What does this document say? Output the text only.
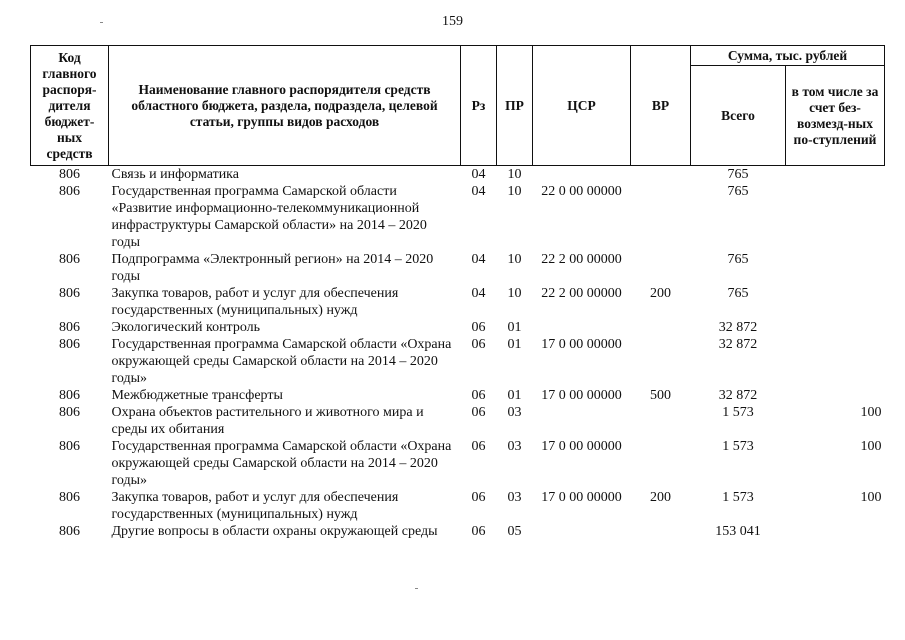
159
Код главного распоря-дителя бюджет-ных средств	Наименование главного распорядителя средств областного бюджета, раздела, подраздела, целевой статьи, группы видов расходов	Рз	ПР	ЦСР	ВР	Сумма, тыс. рублей	
						Всего	в том числе за счет без-возмезд-ных по-ступлений
806	Связь и информатика	04	10			765	
806	Государственная программа Самарской области «Развитие информационно-телекоммуникационной инфраструктуры Самарской области» на 2014 – 2020 годы	04	10	22 0 00 00000		765	
806	Подпрограмма «Электронный регион» на 2014 – 2020 годы	04	10	22 2 00 00000		765	
806	Закупка товаров, работ и услуг для обеспечения государственных (муниципальных) нужд	04	10	22 2 00 00000	200	765	
806	Экологический контроль	06	01			32 872	
806	Государственная программа Самарской области «Охрана окружающей среды Самарской области на 2014 – 2020 годы»	06	01	17 0 00 00000		32 872	
806	Межбюджетные трансферты	06	01	17 0 00 00000	500	32 872	
806	Охрана объектов растительного и животного мира и среды их обитания	06	03			1 573	100
806	Государственная программа Самарской области «Охрана окружающей среды Самарской области на 2014 – 2020 годы»	06	03	17 0 00 00000		1 573	100
806	Закупка товаров, работ и услуг для обеспечения государственных (муниципальных) нужд	06	03	17 0 00 00000	200	1 573	100
806	Другие вопросы в области охраны окружающей среды	06	05			153 041	
